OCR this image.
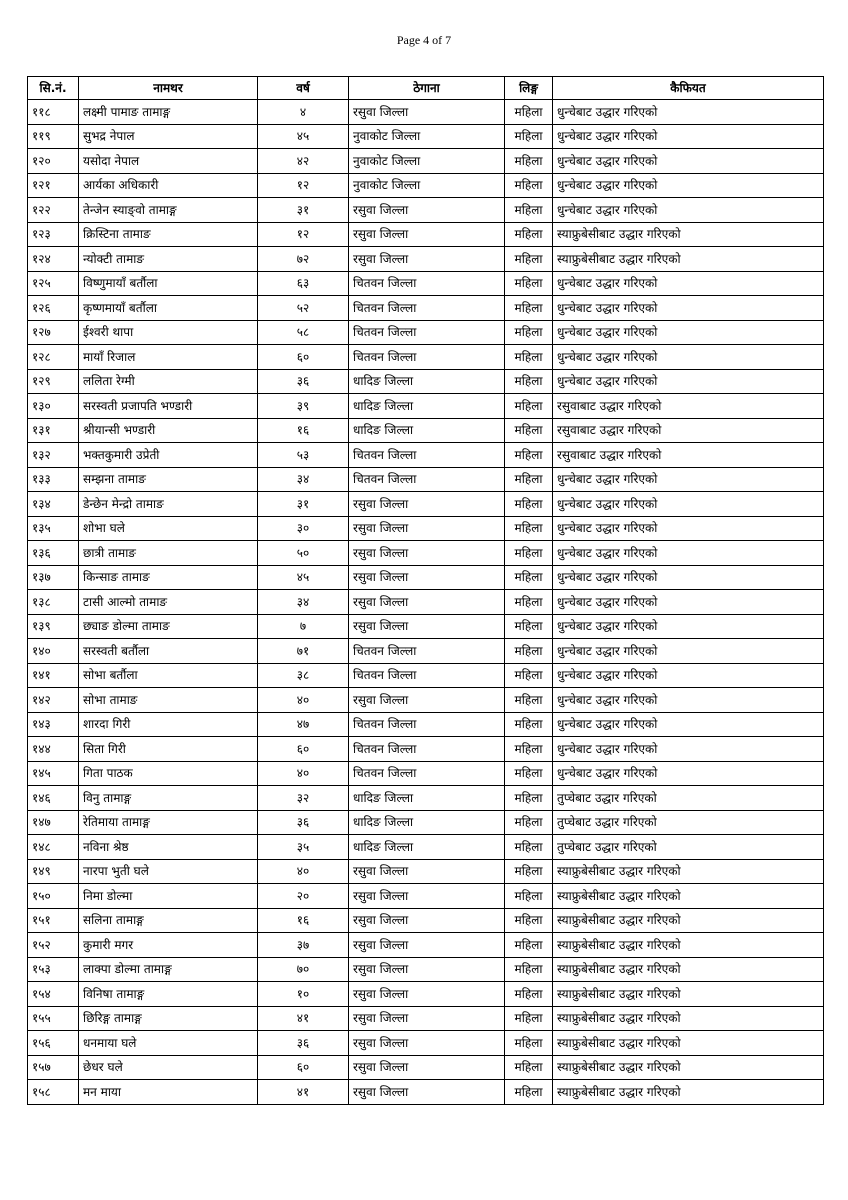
Page 4 of 7
सि.नं.	नामथर	वर्ष	ठेगाना	लिङ्ग	कैफियत
११८	लक्ष्मी पामाङ तामाङ्ग	४	रसुवा जिल्ला	महिला	धुन्चेबाट उद्धार गरिएको
११९	सुभद्र नेपाल	४५	नुवाकोट जिल्ला	महिला	धुन्चेबाट उद्धार गरिएको
१२०	यसोदा नेपाल	४२	नुवाकोट जिल्ला	महिला	धुन्चेबाट उद्धार गरिएको
१२१	आर्यका अधिकारी	१२	नुवाकोट जिल्ला	महिला	धुन्चेबाट उद्धार गरिएको
१२२	तेन्जेन स्याङ्वो तामाङ्ग	३१	रसुवा जिल्ला	महिला	धुन्चेबाट उद्धार गरिएको
१२३	क्रिस्टिना तामाङ	१२	रसुवा जिल्ला	महिला	स्याफ्रुबेसीबाट उद्धार गरिएको
१२४	न्योक्टी तामाङ	७२	रसुवा जिल्ला	महिला	स्याफ्रुबेसीबाट उद्धार गरिएको
१२५	विष्णुमायाँ बर्तौला	६३	चितवन जिल्ला	महिला	धुन्चेबाट उद्धार गरिएको
१२६	कृष्णमायाँ बर्तौला	५२	चितवन जिल्ला	महिला	धुन्चेबाट उद्धार गरिएको
१२७	ईश्वरी थापा	५८	चितवन जिल्ला	महिला	धुन्चेबाट उद्धार गरिएको
१२८	मायाँ रिजाल	६०	चितवन जिल्ला	महिला	धुन्चेबाट उद्धार गरिएको
१२९	ललिता रेग्मी	३६	धादिङ जिल्ला	महिला	धुन्चेबाट उद्धार गरिएको
१३०	सरस्वती प्रजापति भण्डारी	३९	धादिङ जिल्ला	महिला	रसुवाबाट उद्धार गरिएको
१३१	श्रीयान्सी भण्डारी	१६	धादिङ जिल्ला	महिला	रसुवाबाट उद्धार गरिएको
१३२	भक्तकुमारी उप्रेती	५३	चितवन जिल्ला	महिला	रसुवाबाट उद्धार गरिएको
१३३	सम्झना तामाङ	३४	चितवन जिल्ला	महिला	धुन्चेबाट उद्धार गरिएको
१३४	डेन्छेन मेन्द्रो तामाङ	३१	रसुवा जिल्ला	महिला	धुन्चेबाट उद्धार गरिएको
१३५	शोभा घले	३०	रसुवा जिल्ला	महिला	धुन्चेबाट उद्धार गरिएको
१३६	छात्री तामाङ	५०	रसुवा जिल्ला	महिला	धुन्चेबाट उद्धार गरिएको
१३७	किन्साङ तामाङ	४५	रसुवा जिल्ला	महिला	धुन्चेबाट उद्धार गरिएको
१३८	टासी आल्मो तामाङ	३४	रसुवा जिल्ला	महिला	धुन्चेबाट उद्धार गरिएको
१३९	छ्याङ डोल्मा तामाङ	७	रसुवा जिल्ला	महिला	धुन्चेबाट उद्धार गरिएको
१४०	सरस्वती बर्तौला	७१	चितवन जिल्ला	महिला	धुन्चेबाट उद्धार गरिएको
१४१	सोभा बर्तौला	३८	चितवन जिल्ला	महिला	धुन्चेबाट उद्धार गरिएको
१४२	सोभा तामाङ	४०	रसुवा जिल्ला	महिला	धुन्चेबाट उद्धार गरिएको
१४३	शारदा गिरी	४७	चितवन जिल्ला	महिला	धुन्चेबाट उद्धार गरिएको
१४४	सिता गिरी	६०	चितवन जिल्ला	महिला	धुन्चेबाट उद्धार गरिएको
१४५	गिता पाठक	४०	चितवन जिल्ला	महिला	धुन्चेबाट उद्धार गरिएको
१४६	विनु तामाङ्ग	३२	धादिङ जिल्ला	महिला	तुप्चेबाट उद्धार गरिएको
१४७	रेतिमाया तामाङ्ग	३६	धादिङ जिल्ला	महिला	तुप्चेबाट उद्धार गरिएको
१४८	नविना श्रेष्ठ	३५	धादिङ जिल्ला	महिला	तुप्चेबाट उद्धार गरिएको
१४९	नारपा भुती घले	४०	रसुवा जिल्ला	महिला	स्याफ्रुबेसीबाट उद्धार गरिएको
१५०	निमा डोल्मा	२०	रसुवा जिल्ला	महिला	स्याफ्रुबेसीबाट उद्धार गरिएको
१५१	सलिना तामाङ्ग	१६	रसुवा जिल्ला	महिला	स्याफ्रुबेसीबाट उद्धार गरिएको
१५२	कुमारी मगर	३७	रसुवा जिल्ला	महिला	स्याफ्रुबेसीबाट उद्धार गरिएको
१५३	लाक्पा डोल्मा तामाङ्ग	७०	रसुवा जिल्ला	महिला	स्याफ्रुबेसीबाट उद्धार गरिएको
१५४	विनिषा तामाङ्ग	१०	रसुवा जिल्ला	महिला	स्याफ्रुबेसीबाट उद्धार गरिएको
१५५	छिरिङ्ग तामाङ्ग	४१	रसुवा जिल्ला	महिला	स्याफ्रुबेसीबाट उद्धार गरिएको
१५६	धनमाया घले	३६	रसुवा जिल्ला	महिला	स्याफ्रुबेसीबाट उद्धार गरिएको
१५७	छेधर घले	६०	रसुवा जिल्ला	महिला	स्याफ्रुबेसीबाट उद्धार गरिएको
१५८	मन माया	४१	रसुवा जिल्ला	महिला	स्याफ्रुबेसीबाट उद्धार गरिएको
